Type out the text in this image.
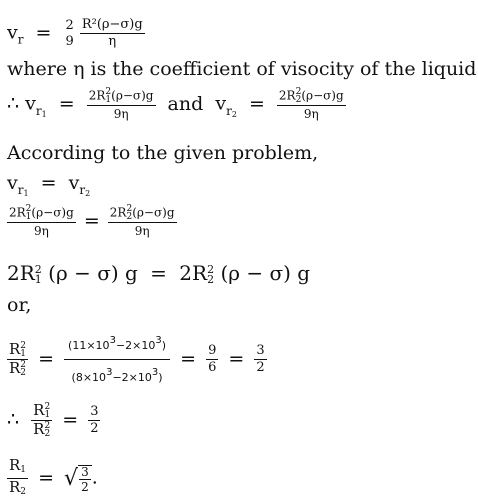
$v_r = 2$
9
$\frac{\text{R²(ρ−σ)g}}{\eta}$
where η is the coefficient of visocity of the liquid
∴ $v_{r1} = 2R$ 2
1 (ρ−σ)g
9η and $v_{r2} = 2R$ 2
2 (ρ−σ)g
9η
According to the given problem,
$v_{r1} = v_{r2}$
2R 2
1 (ρ−σ)g
9η = 2R 2
2 (ρ−σ)g
9η
2R 2
1 (ρ − σ) g = 2R 2
2 (ρ − σ) g
or,
R 2
1
R 2
$2 = \frac{(11\times 103-2\times 103)}{(8\times 103-2\times 103)} = \frac{9}{6} = \frac{3}{2}$
∴ R 2
1
R 2
$2 = \frac{3}{2}$
$\frac{R_1}{R_2}$ = √ $\frac{3}{2}$ .
